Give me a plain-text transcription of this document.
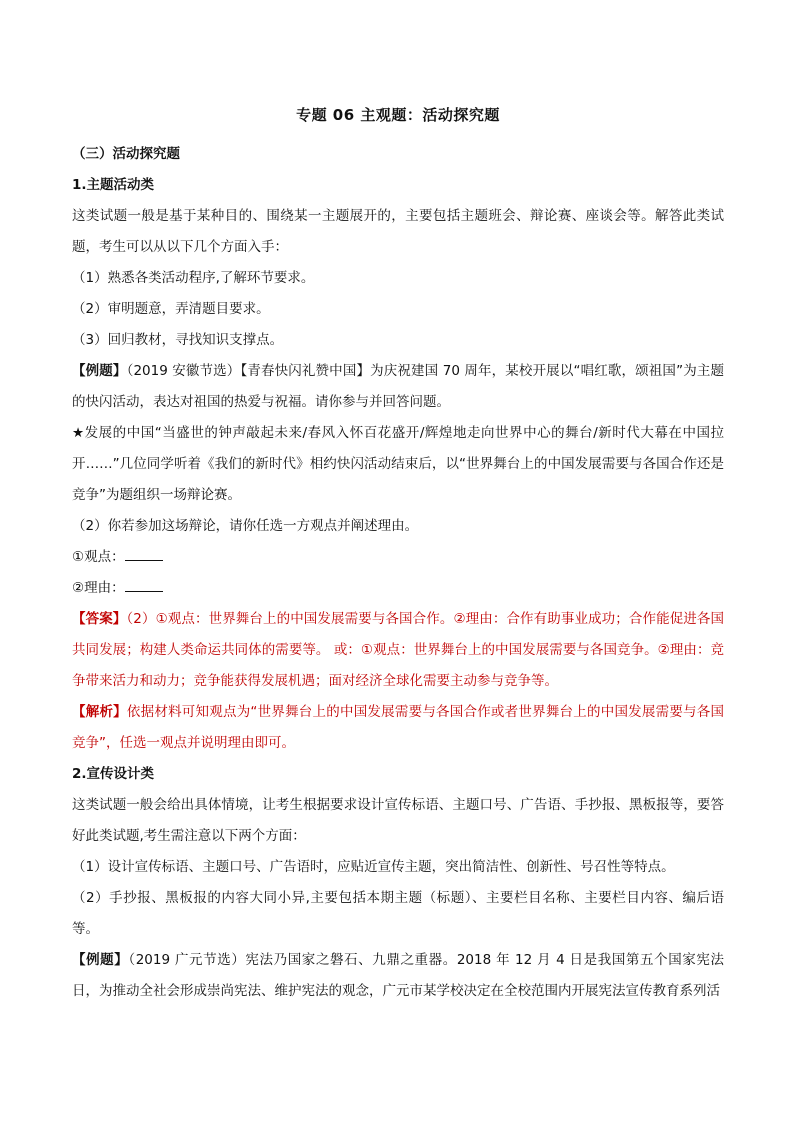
专题 06 主观题：活动探究题

（三）活动探究题

1.主题活动类

这类试题一般是基于某种目的、围绕某一主题展开的，主要包括主题班会、辩论赛、座谈会等。解答此类试题，考生可以从以下几个方面入手：

（1）熟悉各类活动程序,了解环节要求。

（2）审明题意，弄清题目要求。

（3）回归教材，寻找知识支撑点。

【例题】（2019 安徽节选）【青春快闪礼赞中国】为庆祝建国 70 周年，某校开展以“唱红歌，颂祖国”为主题的快闪活动，表达对祖国的热爱与祝福。请你参与并回答问题。

★发展的中国“当盛世的钟声敲起未来/春风入怀百花盛开/辉煌地走向世界中心的舞台/新时代大幕在中国拉开……”几位同学听着《我们的新时代》相约快闪活动结束后，以“世界舞台上的中国发展需要与各国合作还是竞争”为题组织一场辩论赛。

（2）你若参加这场辩论，请你任选一方观点并阐述理由。

①观点：

②理由：

【答案】（2）①观点：世界舞台上的中国发展需要与各国合作。②理由：合作有助事业成功；合作能促进各国共同发展；构建人类命运共同体的需要等。 或：①观点：世界舞台上的中国发展需要与各国竞争。②理由：竞争带来活力和动力；竞争能获得发展机遇；面对经济全球化需要主动参与竞争等。

【解析】依据材料可知观点为“世界舞台上的中国发展需要与各国合作或者世界舞台上的中国发展需要与各国竞争”，任选一观点并说明理由即可。

2.宣传设计类

这类试题一般会给出具体情境，让考生根据要求设计宣传标语、主题口号、广告语、手抄报、黑板报等，要答好此类试题,考生需注意以下两个方面：

（1）设计宣传标语、主题口号、广告语时，应贴近宣传主题，突出简洁性、创新性、号召性等特点。

（2）手抄报、黑板报的内容大同小异,主要包括本期主题（标题）、主要栏目名称、主要栏目内容、编后语等。

【例题】（2019 广元节选）宪法乃国家之磐石、九鼎之重器。2018 年 12 月 4 日是我国第五个国家宪法日，为推动全社会形成崇尚宪法、维护宪法的观念，广元市某学校决定在全校范围内开展宪法宣传教育系列活
